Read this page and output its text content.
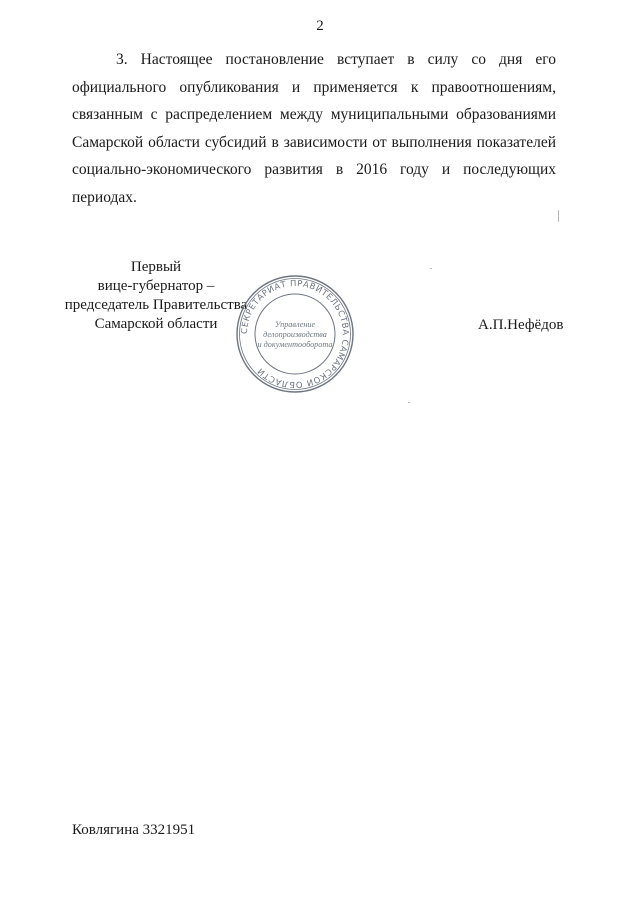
2

3. Настоящее постановление вступает в силу со дня его официального опубликования и применяется к правоотношениям, связанным с распределением между муниципальными образованиями Самарской области субсидий в зависимости от выполнения показателей социально-экономического развития в 2016 году и последующих периодах.

Первый
вице-губернатор –
председатель Правительства
Самарской области	СЕКРЕТАРИАТ ПРАВИТЕЛЬСТВА САМАРСКОЙ ОБЛАСТИ
Управление
делопроизводства
и документооборота
А.П.Нефёдов
Ковлягина 3321951
